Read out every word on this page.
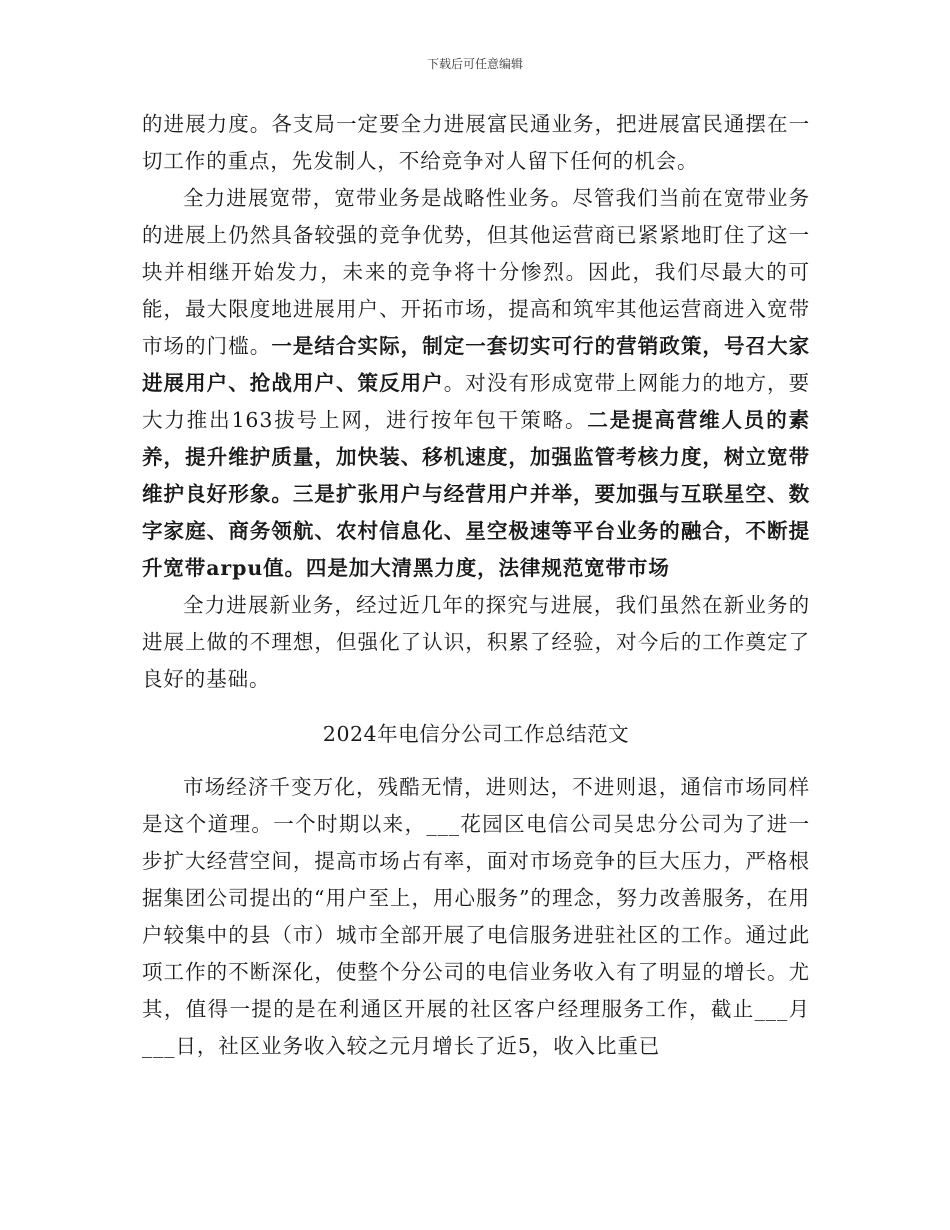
下载后可任意编辑

的进展力度。各支局一定要全力进展富民通业务，把进展富民通摆在一切工作的重点，先发制人，不给竞争对人留下任何的机会。

全力进展宽带，宽带业务是战略性业务。尽管我们当前在宽带业务的进展上仍然具备较强的竞争优势，但其他运营商已紧紧地盯住了这一块并相继开始发力，未来的竞争将十分惨烈。因此，我们尽最大的可能，最大限度地进展用户、开拓市场，提高和筑牢其他运营商进入宽带市场的门槛。一是结合实际，制定一套切实可行的营销政策，号召大家进展用户、抢战用户、策反用户。对没有形成宽带上网能力的地方，要大力推出163拔号上网，进行按年包干策略。二是提高营维人员的素养，提升维护质量，加快装、移机速度，加强监管考核力度，树立宽带维护良好形象。三是扩张用户与经营用户并举，要加强与互联星空、数字家庭、商务领航、农村信息化、星空极速等平台业务的融合，不断提升宽带arpu值。四是加大清黑力度，法律规范宽带市场

全力进展新业务，经过近几年的探究与进展，我们虽然在新业务的进展上做的不理想，但强化了认识，积累了经验，对今后的工作奠定了良好的基础。

2024年电信分公司工作总结范文

市场经济千变万化，残酷无情，进则达，不进则退，通信市场同样是这个道理。一个时期以来，___花园区电信公司吴忠分公司为了进一步扩大经营空间，提高市场占有率，面对市场竞争的巨大压力，严格根据集团公司提出的“用户至上，用心服务”的理念，努力改善服务，在用户较集中的县（市）城市全部开展了电信服务进驻社区的工作。通过此项工作的不断深化，使整个分公司的电信业务收入有了明显的增长。尤其，值得一提的是在利通区开展的社区客户经理服务工作，截止___月___日，社区业务收入较之元月增长了近5，收入比重已
